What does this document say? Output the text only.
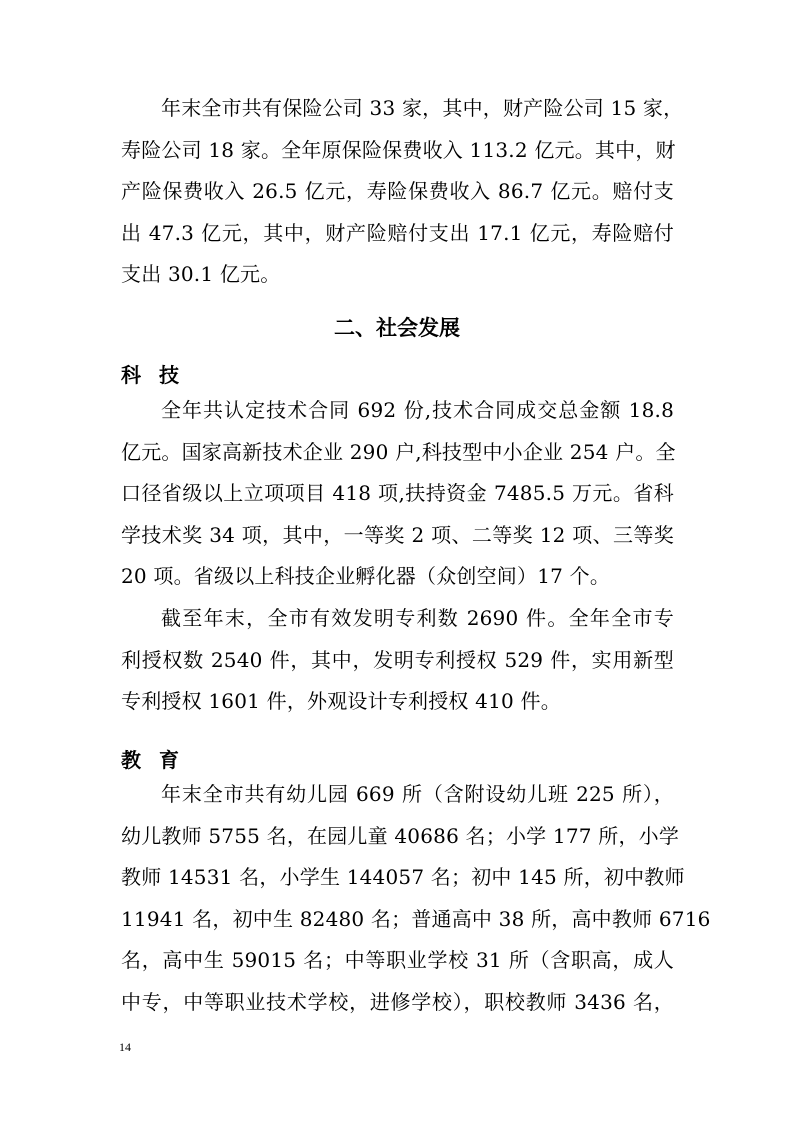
年末全市共有保险公司 33 家，其中，财产险公司 15 家，
寿险公司 18 家。全年原保险保费收入 113.2 亿元。其中，财
产险保费收入 26.5 亿元，寿险保费收入 86.7 亿元。赔付支
出 47.3 亿元，其中，财产险赔付支出 17.1 亿元，寿险赔付
支出 30.1 亿元。
二、社会发展
科技
全年共认定技术合同 692 份,技术合同成交总金额 18.8
亿元。国家高新技术企业 290 户,科技型中小企业 254 户。全
口径省级以上立项项目 418 项,扶持资金 7485.5 万元。省科
学技术奖 34 项，其中，一等奖 2 项、二等奖 12 项、三等奖
20 项。省级以上科技企业孵化器（众创空间）17 个。
截至年末，全市有效发明专利数 2690 件。全年全市专
利授权数 2540 件，其中，发明专利授权 529 件，实用新型
专利授权 1601 件，外观设计专利授权 410 件。
教育
年末全市共有幼儿园 669 所（含附设幼儿班 225 所），
幼儿教师 5755 名，在园儿童 40686 名；小学 177 所，小学
教师 14531 名，小学生 144057 名；初中 145 所，初中教师
11941 名，初中生 82480 名；普通高中 38 所，高中教师 6716
名，高中生 59015 名；中等职业学校 31 所（含职高，成人
中专，中等职业技术学校，进修学校），职校教师 3436 名，
14
